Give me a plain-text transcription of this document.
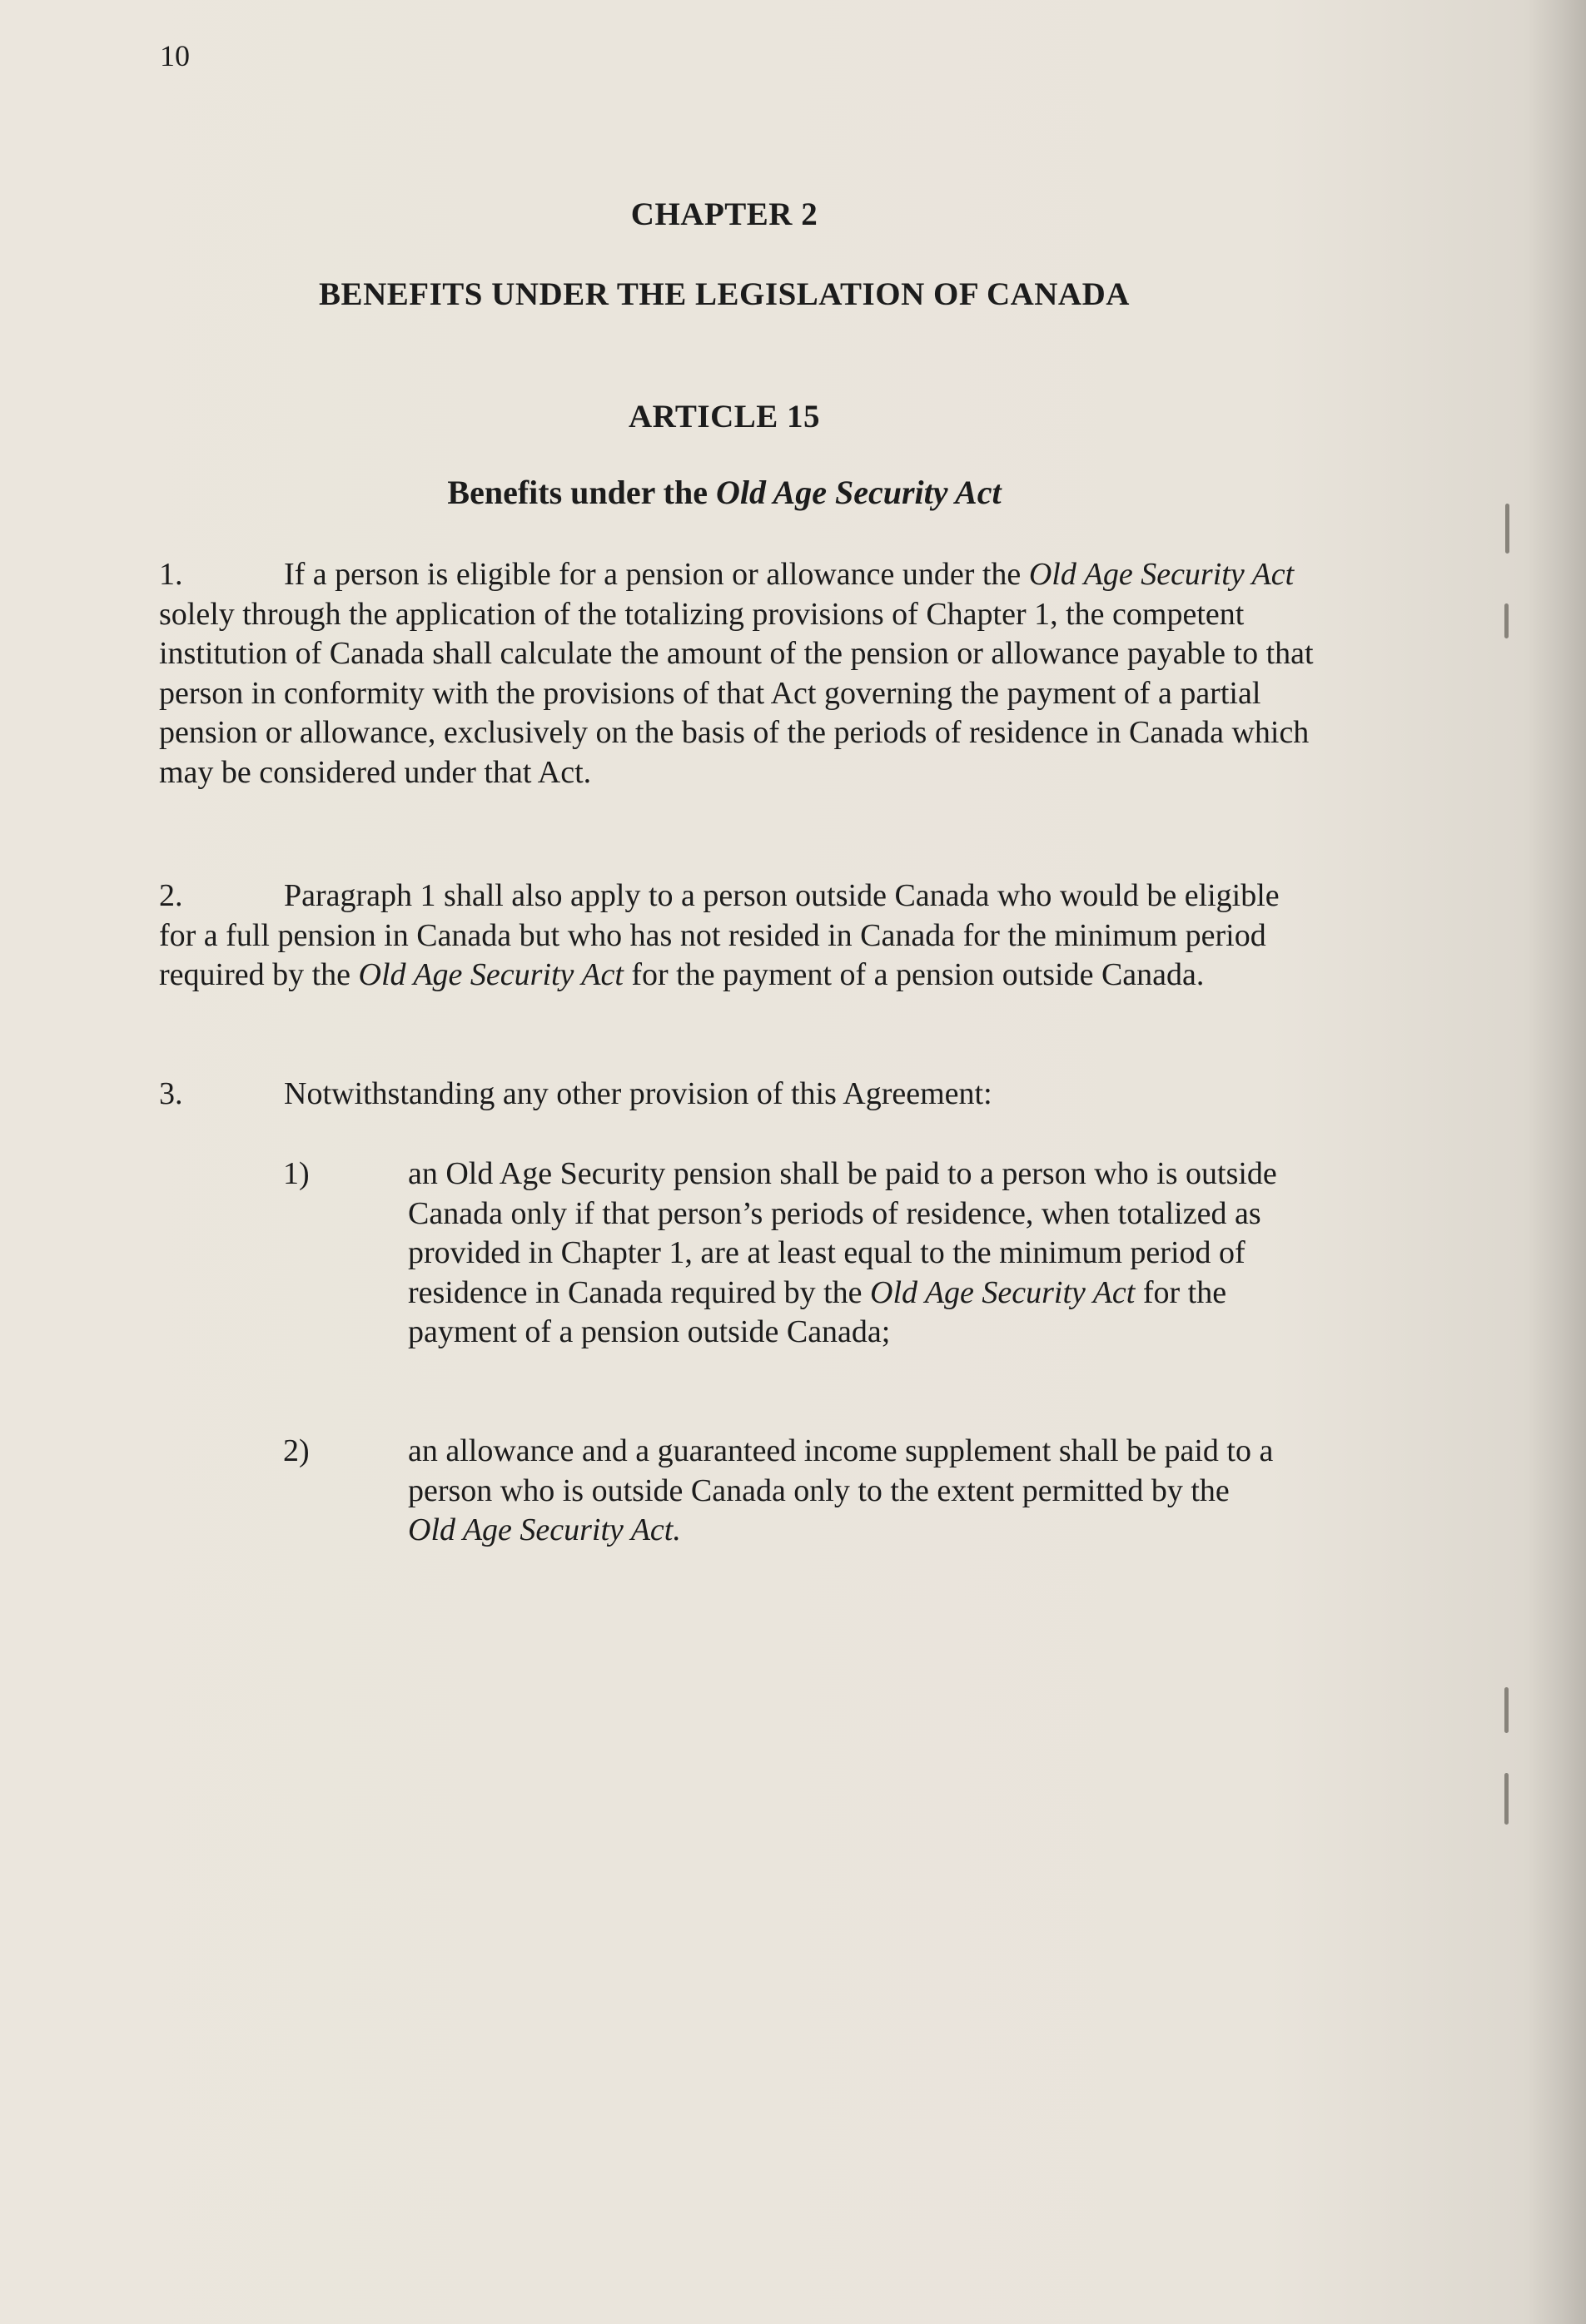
10
CHAPTER 2
BENEFITS UNDER THE LEGISLATION OF CANADA
ARTICLE 15
Benefits under the Old Age Security Act
1.	If a person is eligible for a pension or allowance under the Old Age Security Act solely through the application of the totalizing provisions of Chapter 1, the competent institution of Canada shall calculate the amount of the pension or allowance payable to that person in conformity with the provisions of that Act governing the payment of a partial pension or allowance, exclusively on the basis of the periods of residence in Canada which may be considered under that Act.
2.	Paragraph 1 shall also apply to a person outside Canada who would be eligible for a full pension in Canada but who has not resided in Canada for the minimum period required by the Old Age Security Act for the payment of a pension outside Canada.
3.	Notwithstanding any other provision of this Agreement:
1)	an Old Age Security pension shall be paid to a person who is outside Canada only if that person’s periods of residence, when totalized as provided in Chapter 1, are at least equal to the minimum period of residence in Canada required by the Old Age Security Act for the payment of a pension outside Canada;
2)	an allowance and a guaranteed income supplement shall be paid to a person who is outside Canada only to the extent permitted by the Old Age Security Act.
